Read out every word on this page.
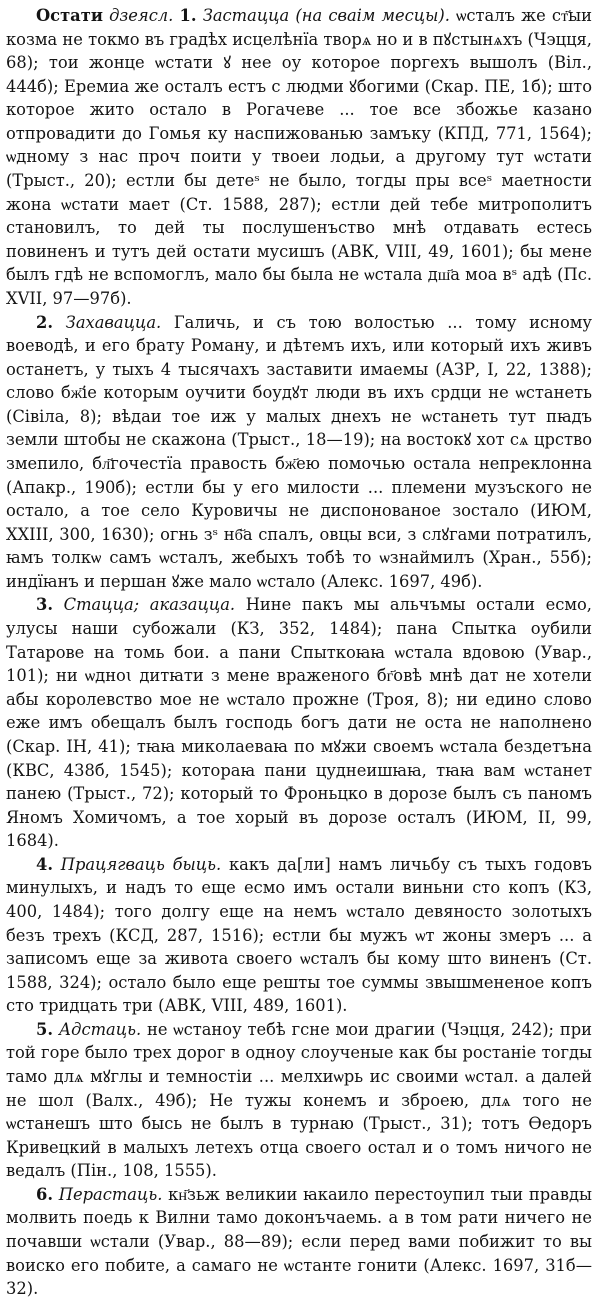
Остати дзеясл. 1. Застацца (на сваім месцы). ѡсталъ же ст҃ыи козма не токмо въ градѣх исцелѣнїа творѧ но и в пꙋстынѧхъ (Чэцця, 68); тои жонце ѡстати ꙋ нее оу которое поргехъ вышолъ (Віл., 444б); Еремиа же осталъ естъ с людми ꙋбогими (Скар. ПЕ, 1б); што которое жито остало в Рогачеве ... тое все збожье казано отпровадити до Гомья ку наспижованью замъку (КПД, 771, 1564); ѡдному з нас проч поити у твоеи лодьи, а другому тут ѡстати (Трыст., 20); естли бы детеˢ не было, тогды пры всеˢ маетности жона ѡстати мает (Ст. 1588, 287); естли дей тебе митрополитъ становилъ, то дей ты послушенъство мнѣ отдавать естесь повиненъ и тутъ дей остати мусишъ (АВК, VIII, 49, 1601); бы мене былъ гдѣ не вспомоглъ, мало бы была не ѡстала дш҃а моа вˢ адѣ (Пс. XVII, 97—97б).

2. Захавацца. Галичь, и съ тою волостью ... тому исному воеводѣ, и его брату Роману, и дѣтемъ ихъ, или который ихъ живъ останетъ, у тыхъ 4 тысячахъ заставити имаемы (АЗР, I, 22, 1388); слово бж҃іе которым оучити боудꙋт люди въ ихъ срдци не ѡстанеть (Сівіла, 8); вѣдаи тое иж у малых днехъ не ѡстанеть тут пꙗдъ земли штобы не скажона (Трыст., 18—19); на востокꙋ хот сѧ црство змепило, бл҃гочестїа правость бж҃ею помочью остала непреклонна (Апакр., 190б); естли бы у его милости ... племени музъского не остало, а тое село Куровичы не диспонованое зостало (ИЮМ, XXIII, 300, 1630); огнь зˢ нб҃а спалъ, овцы вси, з слꙋгами потратилъ, ꙗмъ толкѡ самъ ѡсталъ, жебыхъ тобѣ то ѡзнаймилъ (Хран., 55б); индїꙗнъ и першан ꙋже мало ѡстало (Алекс. 1697, 49б).

3. Стацца; аказацца. Нине пакъ мы альчъмы остали есмо, улусы наши субожали (КЗ, 352, 1484); пана Спытка оубили Татарове на томь бои. а пани Спыткоꙗꙗ ѡстала вдовою (Увар., 101); ни ѡдноꙇ дитꙗти з мене враженого бг҃овѣ мнѣ дат не хотели абы королевство мое не ѡстало прожне (Троя, 8); ни едино слово еже имъ обещалъ былъ господь богъ дати не оста не наполнено (Скар. ІН, 41); тꙗꙗ миколаеваꙗ по мꙋжи своемъ ѡстала бездетъна (КВС, 438б, 1545); котораꙗ пани цуднеишꙗꙗ, тꙗꙗ вам ѡстанет панею (Трыст., 72); который то Фроньцко в дорозе былъ съ паномъ Яномъ Хомичомъ, а тое хорый въ дорозе осталъ (ИЮМ, II, 99, 1684).

4. Працягваць быць. какъ да[ли] намъ личьбу съ тыхъ годовъ минулыхъ, и надъ то еще есмо имъ остали виньни сто копъ (КЗ, 400, 1484); того долгу еще на немъ ѡстало девяносто золотыхъ безъ трехъ (КСД, 287, 1516); естли бы мужъ ѡт жоны змеръ ... а записомъ еще за живота своего ѡсталъ бы кому што виненъ (Ст. 1588, 324); остало было еще решты тое суммы звышмененое копъ сто тридцать три (АВК, VIII, 489, 1601).

5. Адстаць. не ѡстаноу тебѣ гсне мои драгии (Чэцця, 242); при той горе было трех дорог в одноу слоученые как бы ростаніе тогды тамо длѧ мꙋглы и темностіи ... мелхиѡрь ис своими ѡстал. а далей не шол (Валх., 49б); Не тужы конемъ и зброею, длѧ того не ѡстанешъ што бысь не былъ в турнаю (Трыст., 31); тотъ Ѳедоръ Кривецкий в малыхъ летехъ отца своего остал и о томъ ничого не ведалъ (Пін., 108, 1555).

6. Перастаць. кн҃зьж великии ꙗкаило перестоупил тыи правды молвить поедь к Вилни тамо доконъчаемь. а в том рати ничего не почавши ѡстали (Увар., 88—89); если перед вами побижит то вы воиско его побите, а самаго не ѡстанте гонити (Алекс. 1697, 31б—32).
